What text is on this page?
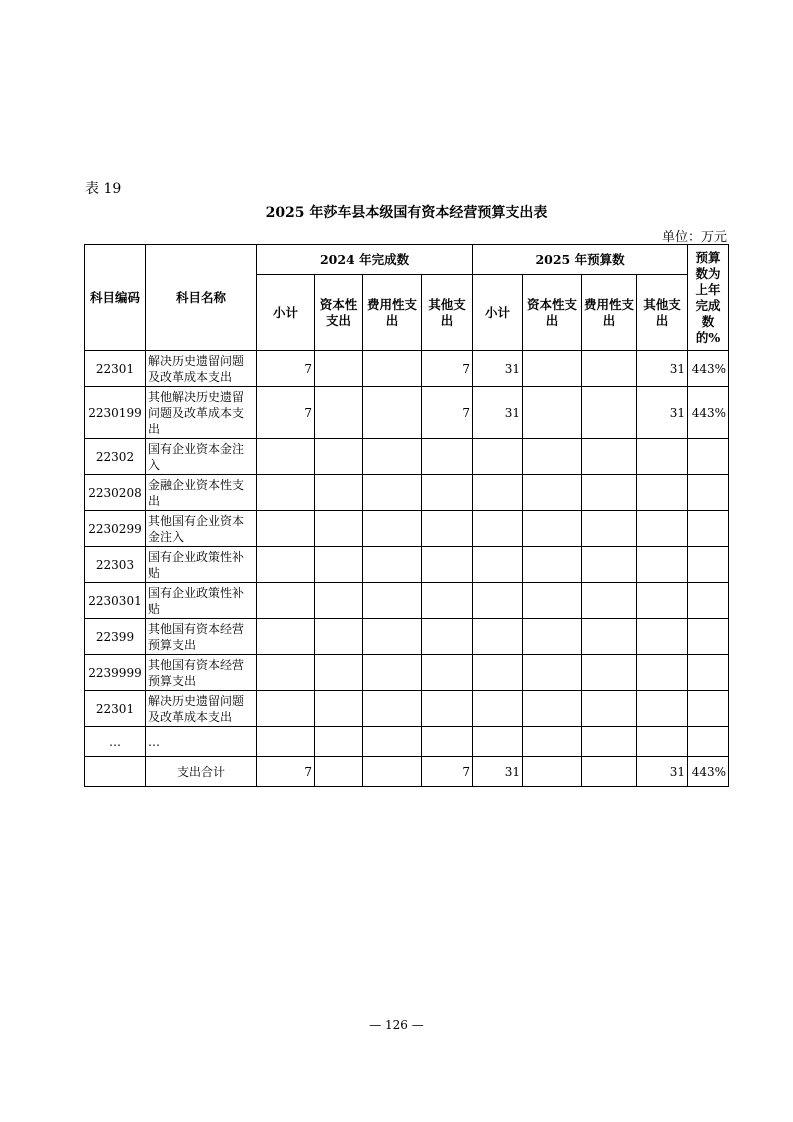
表 19
2025 年莎车县本级国有资本经营预算支出表
单位：万元
科目编码	科目名称	2024 年完成数				2025 年预算数				预算数为上年完成数的%
		小计	资本性支出	费用性支出	其他支出	小计	资本性支出	费用性支出	其他支出	
22301	解决历史遗留问题及改革成本支出	7			7	31			31	443%
2230199	其他解决历史遗留问题及改革成本支出	7			7	31			31	443%
22302	国有企业资本金注入									
2230208	金融企业资本性支出									
2230299	其他国有企业资本金注入									
22303	国有企业政策性补贴									
2230301	国有企业政策性补贴									
22399	其他国有资本经营预算支出									
2239999	其他国有资本经营预算支出									
22301	解决历史遗留问题及改革成本支出									
…	…									
	支出合计	7			7	31			31	443%
— 126 —
